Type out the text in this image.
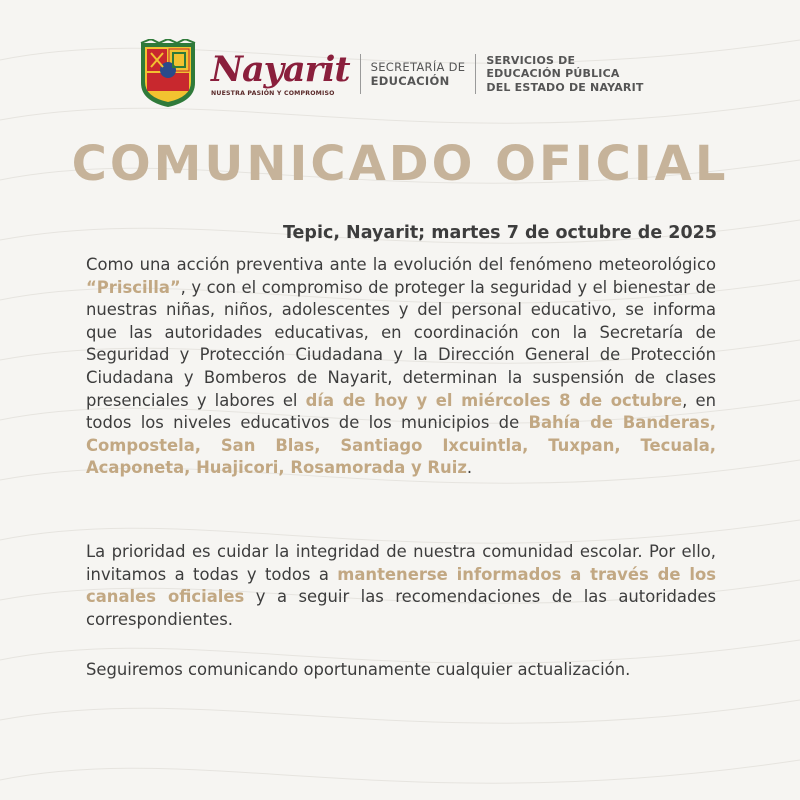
Nayarit
NUESTRA PASIÓN Y COMPROMISO
SECRETARÍA DE
EDUCACIÓN
SERVICIOS DE
EDUCACIÓN PÚBLICA
DEL ESTADO DE NAYARIT
COMUNICADO OFICIAL
Tepic, Nayarit; martes 7 de octubre de 2025

Como una acción preventiva ante la evolución del fenómeno meteorológico “Priscilla”, y con el compromiso de proteger la seguridad y el bienestar de nuestras niñas, niños, adolescentes y del personal educativo, se informa que las autoridades educativas, en coordinación con la Secretaría de Seguridad y Protección Ciudadana y la Dirección General de Protección Ciudadana y Bomberos de Nayarit, determinan la suspensión de clases presenciales y labores el día de hoy y el miércoles 8 de octubre, en todos los niveles educativos de los municipios de Bahía de Banderas, Compostela, San Blas, Santiago Ixcuintla, Tuxpan, Tecuala, Acaponeta, Huajicori, Rosamorada y Ruiz.

La prioridad es cuidar la integridad de nuestra comunidad escolar. Por ello, invitamos a todas y todos a mantenerse informados a través de los canales oficiales y a seguir las recomendaciones de las autoridades correspondientes.

Seguiremos comunicando oportunamente cualquier actualización.
